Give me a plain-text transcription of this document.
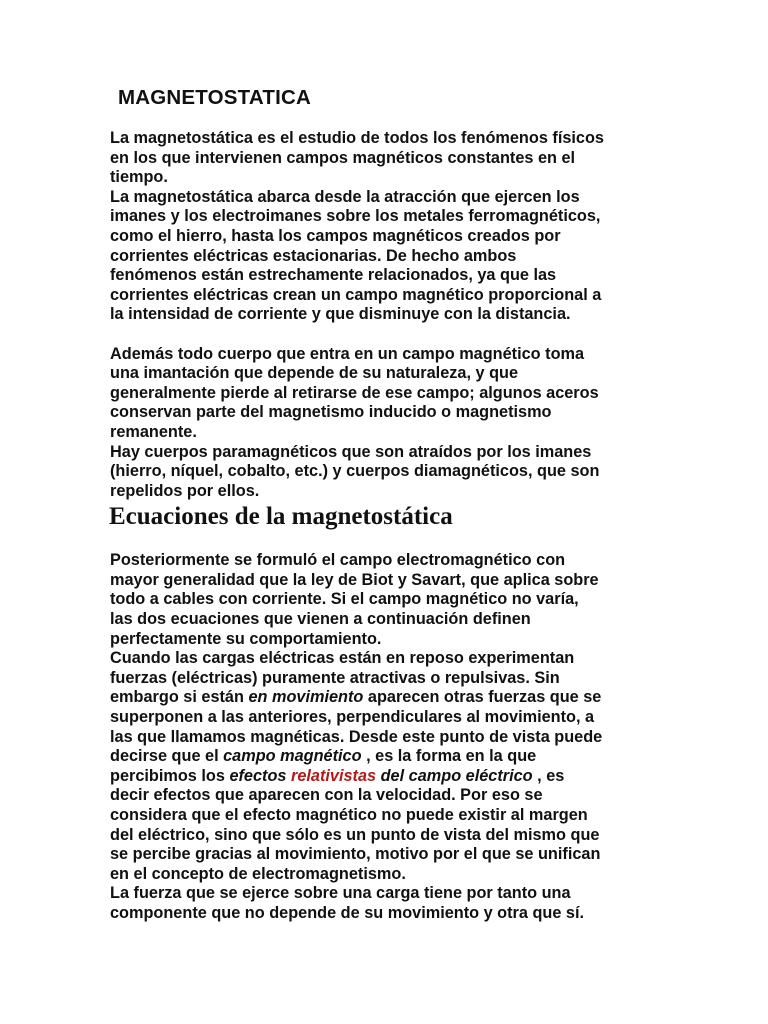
MAGNETOSTATICA
La magnetostática es el estudio de todos los fenómenos físicos
en los que intervienen campos magnéticos constantes en el
tiempo.
La magnetostática abarca desde la atracción que ejercen los
imanes y los electroimanes sobre los metales ferromagnéticos,
como el hierro, hasta los campos magnéticos creados por
corrientes eléctricas estacionarias. De hecho ambos
fenómenos están estrechamente relacionados, ya que las
corrientes eléctricas crean un campo magnético proporcional a
la intensidad de corriente y que disminuye con la distancia.
Además todo cuerpo que entra en un campo magnético toma
una imantación que depende de su naturaleza, y que
generalmente pierde al retirarse de ese campo; algunos aceros
conservan parte del magnetismo inducido o magnetismo
remanente.
Hay cuerpos paramagnéticos que son atraídos por los imanes
(hierro, níquel, cobalto, etc.) y cuerpos diamagnéticos, que son
repelidos por ellos.
Ecuaciones de la magnetostática
Posteriormente se formuló el campo electromagnético con
mayor generalidad que la ley de Biot y Savart, que aplica sobre
todo a cables con corriente. Si el campo magnético no varía,
las dos ecuaciones que vienen a continuación definen
perfectamente su comportamiento.
Cuando las cargas eléctricas están en reposo experimentan
fuerzas (eléctricas) puramente atractivas o repulsivas. Sin
embargo si están en movimiento aparecen otras fuerzas que se
superponen a las anteriores, perpendiculares al movimiento, a
las que llamamos magnéticas. Desde este punto de vista puede
decirse que el campo magnético , es la forma en la que
percibimos los efectos relativistas del campo eléctrico , es
decir efectos que aparecen con la velocidad. Por eso se
considera que el efecto magnético no puede existir al margen
del eléctrico, sino que sólo es un punto de vista del mismo que
se percibe gracias al movimiento, motivo por el que se unifican
en el concepto de electromagnetismo.
La fuerza que se ejerce sobre una carga tiene por tanto una
componente que no depende de su movimiento y otra que sí.
